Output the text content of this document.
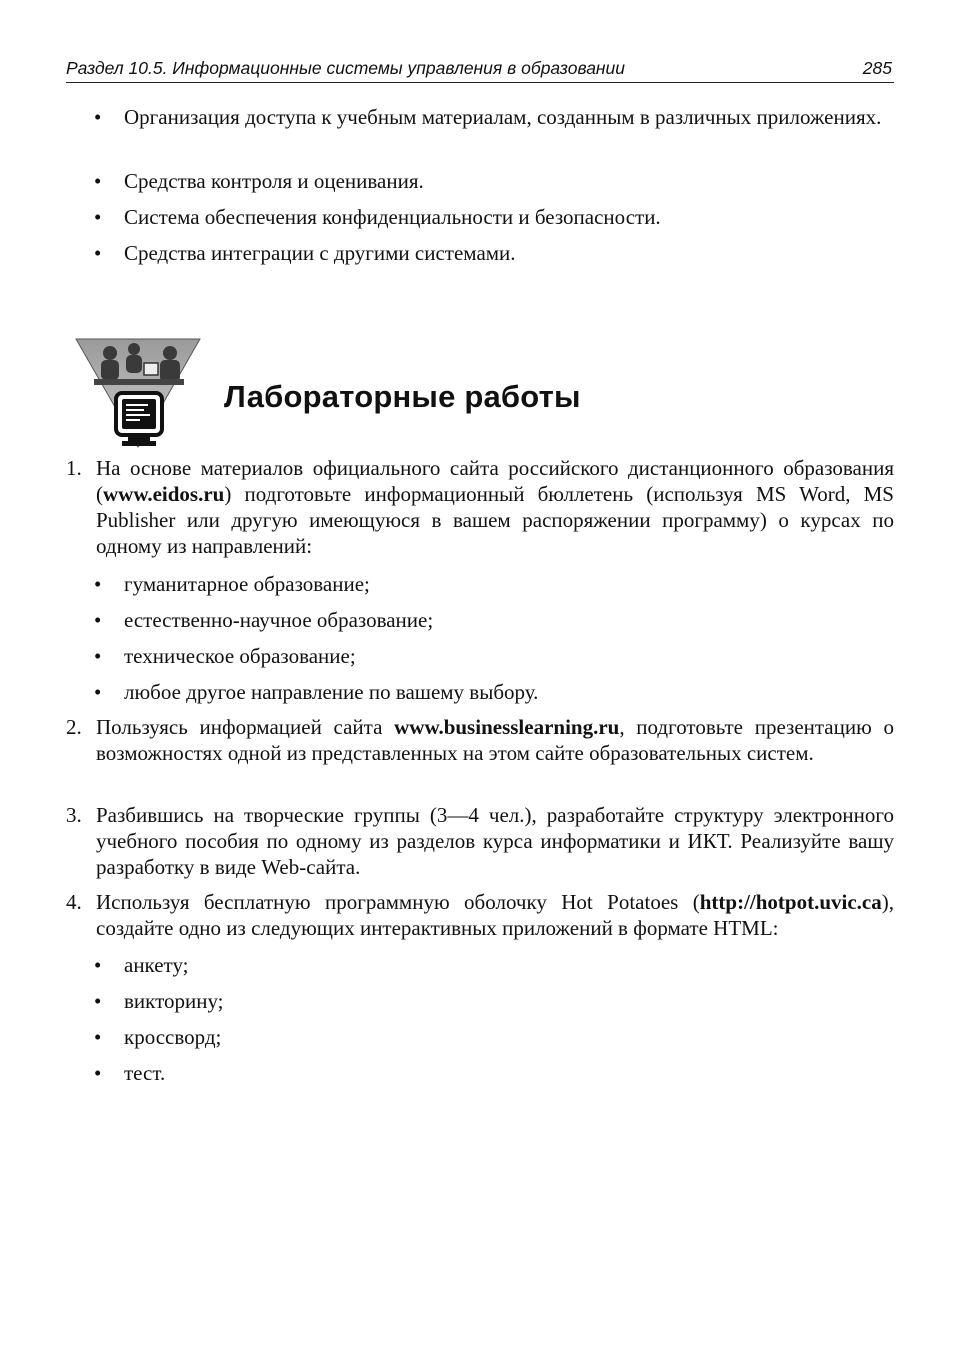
Раздел 10.5. Информационные системы управления в образовании	285
• Организация доступа к учебным материалам, созданным в различных приложениях.
• Средства контроля и оценивания.
• Система обеспечения конфиденциальности и безопасности.
• Средства интеграции с другими системами.
Лабораторные работы
1. На основе материалов официального сайта российского дистанционного образования (www.eidos.ru) подготовьте информационный бюллетень (используя MS Word, MS Publisher или другую имеющуюся в вашем распоряжении программу) о курсах по одному из направлений:
• гуманитарное образование;
• естественно-научное образование;
• техническое образование;
• любое другое направление по вашему выбору.
2. Пользуясь информацией сайта www.businesslearning.ru, подготовьте презентацию о возможностях одной из представленных на этом сайте образовательных систем.
3. Разбившись на творческие группы (3—4 чел.), разработайте структуру электронного учебного пособия по одному из разделов курса информатики и ИКТ. Реализуйте вашу разработку в виде Web-сайта.
4. Используя бесплатную программную оболочку Hot Potatoes (http://hotpot.uvic.ca), создайте одно из следующих интерактивных приложений в формате HTML:
• анкету;
• викторину;
• кроссворд;
• тест.
